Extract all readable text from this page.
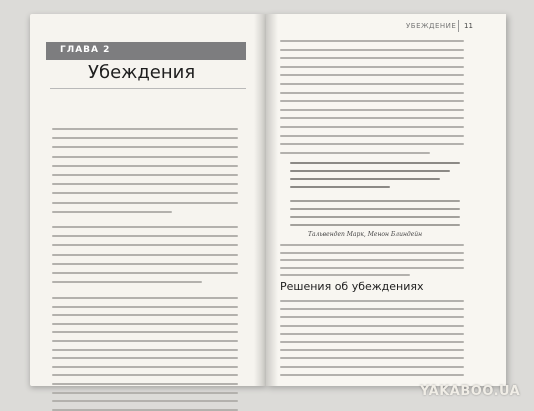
ГЛАВА 2
Убеждения
УБЕЖДЕНИЕ 11
Тальвендеп Марк, Менон Блиндейн
Решения об убеждениях
YAKABOO.UA
